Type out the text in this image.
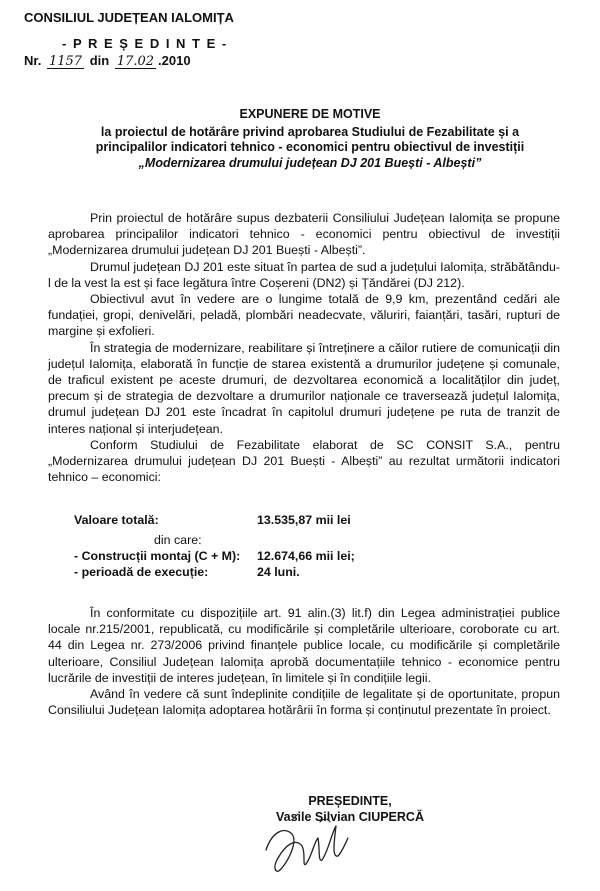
CONSILIUL JUDEȚEAN IALOMIȚA
- P R E Ș E D I N T E -
Nr. 1157 din 17.02 .2010
EXPUNERE DE MOTIVE
la proiectul de hotărâre privind aprobarea Studiului de Fezabilitate și a
principalilor indicatori tehnico - economici pentru obiectivul de investiții
„Modernizarea drumului județean DJ 201 Buești - Albești”

Prin proiectul de hotărâre supus dezbaterii Consiliului Județean Ialomița se propune aprobarea principalilor indicatori tehnico - economici pentru obiectivul de investiții „Modernizarea drumului județean DJ 201 Buești - Albești”.

Drumul județean DJ 201 este situat în partea de sud a județului Ialomița, străbătându-l de la vest la est și face legătura între Coșereni (DN2) și Țăndărei (DJ 212).

Obiectivul avut în vedere are o lungime totală de 9,9 km, prezentând cedări ale fundației, gropi, denivelări, peladă, plombări neadecvate, văluriri, faianțări, tasări, rupturi de margine și exfolieri.

În strategia de modernizare, reabilitare și întreținere a căilor rutiere de comunicații din județul Ialomița, elaborată în funcție de starea existentă a drumurilor județene și comunale, de traficul existent pe aceste drumuri, de dezvoltarea economică a localităților din județ, precum și de strategia de dezvoltare a drumurilor naționale ce traversează județul Ialomița, drumul județean DJ 201 este încadrat în capitolul drumuri județene pe ruta de tranzit de interes național și interjudețean.

Conform Studiului de Fezabilitate elaborat de SC CONSIT S.A., pentru „Modernizarea drumului județean DJ 201 Buești - Albești” au rezultat următorii indicatori tehnico – economici:

Valoare totală:	13.535,87 mii lei
din care:
- Construcții montaj (C + M): 12.674,66 mii lei;
- perioadă de execuție:	24 luni.

În conformitate cu dispozițiile art. 91 alin.(3) lit.f) din Legea administrației publice locale nr.215/2001, republicată, cu modificările și completările ulterioare, coroborate cu art. 44 din Legea nr. 273/2006 privind finanțele publice locale, cu modificările și completările ulterioare, Consiliul Județean Ialomița aprobă documentațiile tehnico - economice pentru lucrările de investiții de interes județean, în limitele și în condițiile legii.

Având în vedere că sunt îndeplinite condițiile de legalitate și de oportunitate, propun Consiliului Județean Ialomița adoptarea hotărârii în forma și conținutul prezentate în proiect.

PREȘEDINTE,
Vasile Silvian CIUPERCĂ
